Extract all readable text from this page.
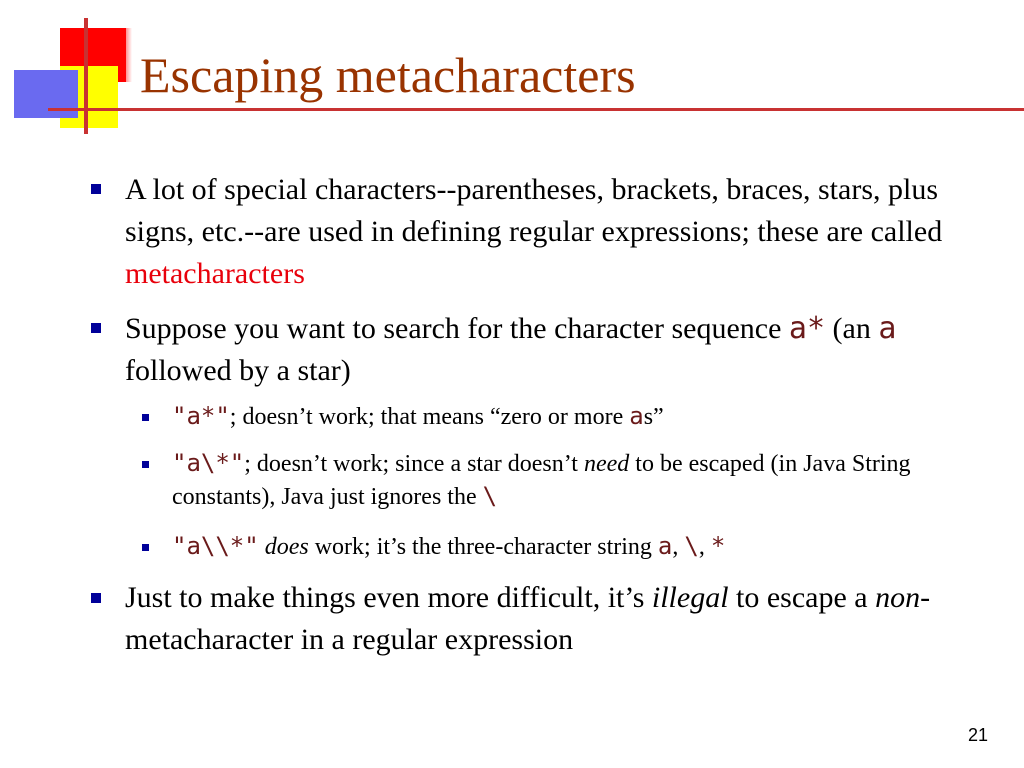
Escaping metacharacters
A lot of special characters--parentheses, brackets, braces, stars, plus signs, etc.--are used in defining regular expressions; these are called metacharacters
Suppose you want to search for the character sequence a* (an a followed by a star)
"a*"; doesn’t work; that means “zero or more as”
"a\*"; doesn’t work; since a star doesn’t need to be escaped (in Java String constants), Java just ignores the \
"a\\*" does work; it’s the three-character string a, \, *
Just to make things even more difficult, it’s illegal to escape a non-metacharacter in a regular expression
21
